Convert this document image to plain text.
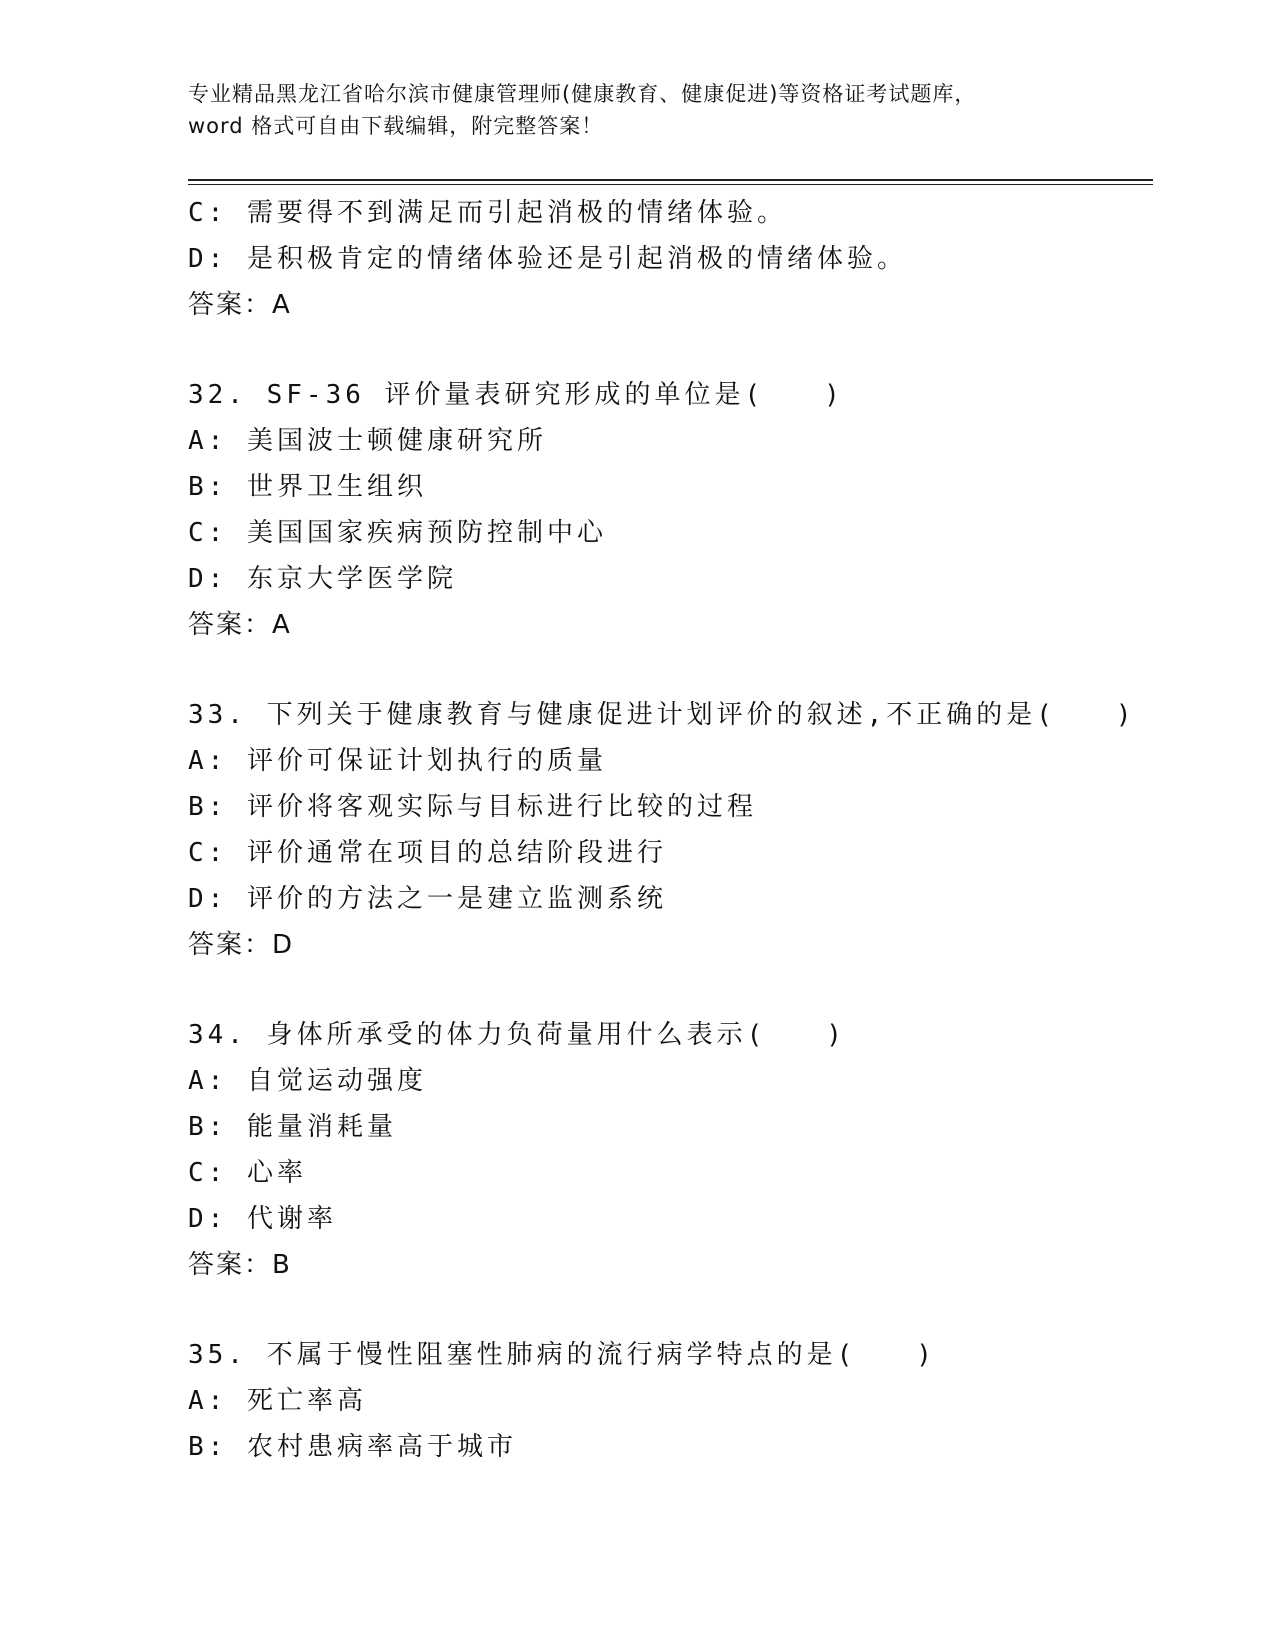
专业精品黑龙江省哈尔滨市健康管理师(健康教育、健康促进)等资格证考试题库，
word 格式可自由下载编辑，附完整答案！
C: 需要得不到满足而引起消极的情绪体验。
D: 是积极肯定的情绪体验还是引起消极的情绪体验。
答案：A
32. SF-36 评价量表研究形成的单位是(　　)
A: 美国波士顿健康研究所
B: 世界卫生组织
C: 美国国家疾病预防控制中心
D: 东京大学医学院
答案：A
33. 下列关于健康教育与健康促进计划评价的叙述,不正确的是(　　)
A: 评价可保证计划执行的质量
B: 评价将客观实际与目标进行比较的过程
C: 评价通常在项目的总结阶段进行
D: 评价的方法之一是建立监测系统
答案：D
34. 身体所承受的体力负荷量用什么表示(　　)
A: 自觉运动强度
B: 能量消耗量
C: 心率
D: 代谢率
答案：B
35. 不属于慢性阻塞性肺病的流行病学特点的是(　　)
A: 死亡率高
B: 农村患病率高于城市
